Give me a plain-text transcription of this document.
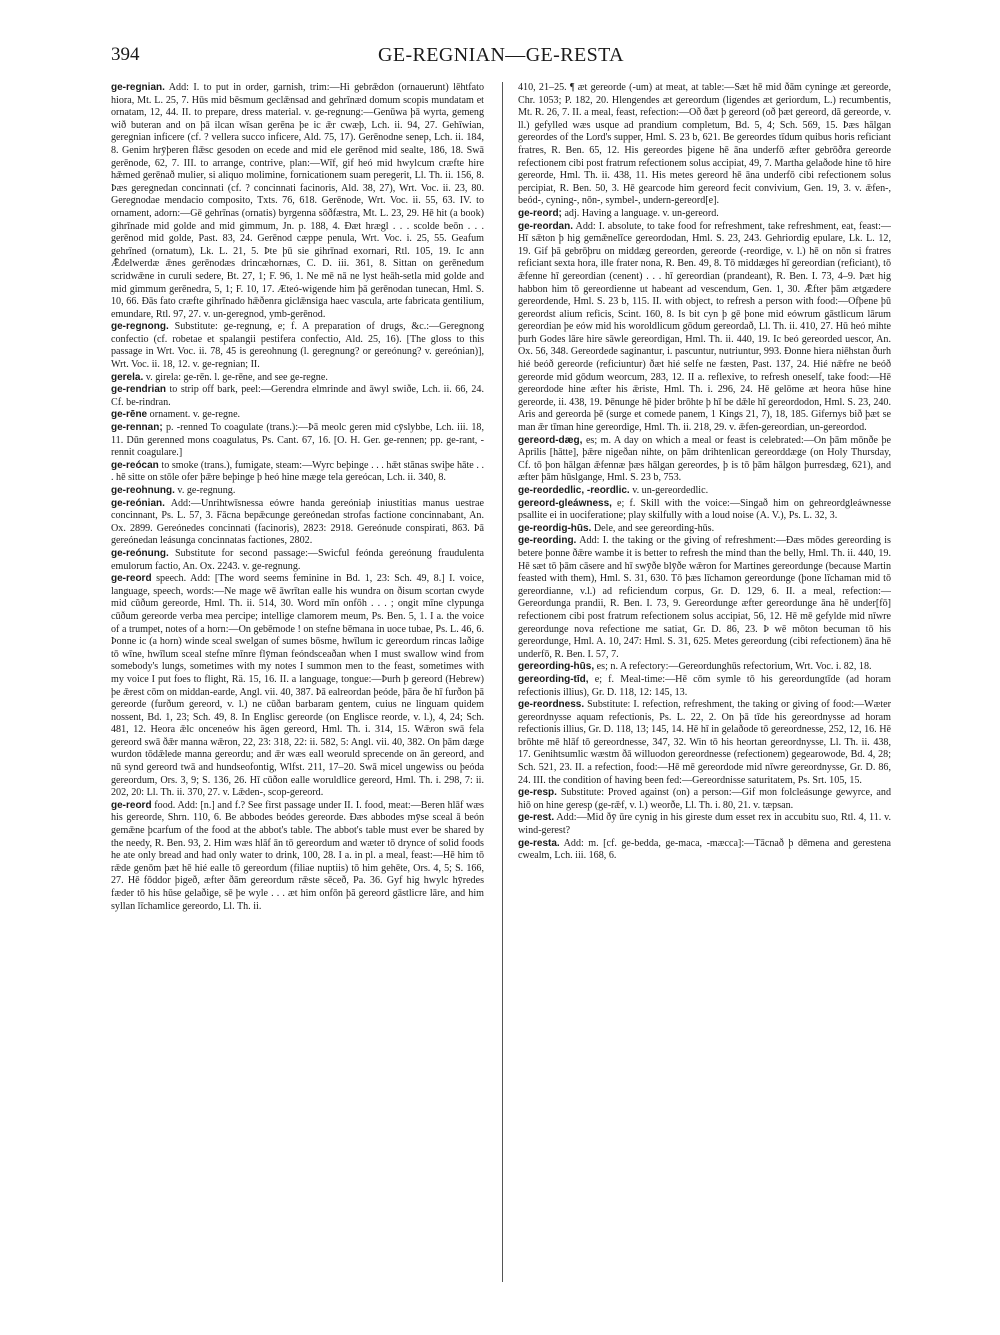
394	GE-REGNIAN—GE-RESTA

ge-regnian. Add: I. to put in order, garnish, trim:—Hi gebrǣdon (ornauerunt) lēhtfato hiora, Mt. L. 25, 7. Hūs mid bēsmum geclǣnsad and gehrīnæd domum scopis mundatam et ornatam, 12, 44. II. to prepare, dress material. v. ge-regnung:—Genūwa þā wyrta, gemeng wið buteran and on þā ilcan wīsan gerēna þe ic ǣr cwæþ, Lch. ii. 94, 27. Gehīwian, geregnian inficere (cf. ? vellera succo inficere, Ald. 75, 17). Gerēnodne senep, Lch. ii. 184, 8. Genim hrȳþeren flǣsc gesoden on ecede and mid ele gerēnod mid sealte, 186, 18. Swā gerēnode, 62, 7. III. to arrange, contrive, plan:—Wīf, gif heó mid hwylcum cræfte hire hǣmed gerēnað mulier, si aliquo molimine, fornicationem suam peregerit, Ll. Th. ii. 156, 8. Þæs geregnedan concinnati (cf. ? concinnati facinoris, Ald. 38, 27), Wrt. Voc. ii. 23, 80. Geregnodae mendacio composito, Txts. 76, 618. Gerēnode, Wrt. Voc. ii. 55, 63. IV. to ornament, adorn:—Gē gehrīnas (ornatis) byrgenna sōðfæstra, Mt. L. 23, 29. Hē hit (a book) gihrīnade mid golde and mid gimmum, Jn. p. 188, 4. Ðæt hrægl . . . scolde beōn . . . gerēnod mid golde, Past. 83, 24. Gerēnod cæppe penula, Wrt. Voc. i. 25, 55. Geafum gehrīned (ornatum), Lk. L. 21, 5. Þte þū sie gihrīnad exornari, Rtl. 105, 19. Ic ann Ǣdelwerdæ ǣnes gerēnodæs drincæhornæs, C. D. iii. 361, 8. Sittan on gerēnedum scridwǣne in curuli sedere, Bt. 27, 1; F. 96, 1. Ne mē nā ne lyst heāh-setla mid golde and mid gimmum gerēnedra, 5, 1; F. 10, 17. Æteó-wigende him þā gerēnodan tunecan, Hml. S. 10, 66. Ðās fato cræfte gihrīnado hǣðenra giclǣnsiga haec vascula, arte fabricata gentilium, emundare, Rtl. 97, 27. v. un-geregnod, ymb-gerēnod.

ge-regnong. Substitute: ge-regnung, e; f. A preparation of drugs, &c.:—Geregnong confectio (cf. robetae et spalangii pestifera confectio, Ald. 25, 16). [The gloss to this passage in Wrt. Voc. ii. 78, 45 is gereohnung (l. geregnung? or gereónung? v. gereónian)], Wrt. Voc. ii. 18, 12. v. ge-regnian; II.

gerela. v. girela: ge-rēn. l. ge-rēne, and see ge-regne.

ge-rendrian to strip off bark, peel:—Gerendra elmrinde and āwyl swiðe, Lch. ii. 66, 24. Cf. be-rindran.

ge-rēne ornament. v. ge-regne.

ge-rennan; p. -renned To coagulate (trans.):—Þā meolc geren mid cȳslybbe, Lch. iii. 18, 11. Dūn gerenned mons coagulatus, Ps. Cant. 67, 16. [O. H. Ger. ge-rennen; pp. ge-rant, -rennit coagulare.]

ge-reócan to smoke (trans.), fumigate, steam:—Wyrc beþinge . . . hǣt stānas swiþe hāte . . . hē sitte on stōle ofer þǣre beþinge þ heó hine mæge tela gereócan, Lch. ii. 340, 8.

ge-reohnung. v. ge-regnung.

ge-reónian. Add:—Unrihtwīsnessa eówre handa gereóniaþ iniustitias manus uestrae concinnant, Ps. L. 57, 3. Fācna bepǣcunge gereónedan strofas factione concinnabant, An. Ox. 2899. Gereónedes concinnati (facinoris), 2823: 2918. Gereónude conspirati, 863. Þā gereónedan leásunga concinnatas factiones, 2802.

ge-reónung. Substitute for second passage:—Swicful feónda gereónung fraudulenta emulorum factio, An. Ox. 2243. v. ge-regnung.

ge-reord speech. Add: [The word seems feminine in Bd. 1, 23: Sch. 49, 8.] I. voice, language, speech, words:—Ne mage wē āwrītan ealle his wundra on ðisum scortan cwyde mid cūðum gereorde, Hml. Th. ii. 514, 30. Word mīn onfōh . . . ; ongit mīne clypunga cūðum gereorde verba mea percipe; intellige clamorem meum, Ps. Ben. 5, 1. I a. the voice of a trumpet, notes of a horn:—On gebēmode ! on stefne bēmana in uoce tubae, Ps. L. 46, 6. Þonne ic (a horn) winde sceal swelgan of sumes bōsme, hwīlum ic gereordum rincas laðige tō wīne, hwīlum sceal stefne mīnre flȳman feóndsceaðan when I must swallow wind from somebody's lungs, sometimes with my notes I summon men to the feast, sometimes with my voice I put foes to flight, Rä. 15, 16. II. a language, tongue:—Þurh þ gereord (Hebrew) þe ǣrest cōm on middan-earde, Angl. vii. 40, 387. Þā ealreordan þeóde, þāra ðe hī furðon þā gereorde (furðum gereord, v. l.) ne cūðan barbaram gentem, cuius ne linguam quidem nossent, Bd. 1, 23; Sch. 49, 8. In Englisc gereorde (on Englisce reorde, v. l.), 4, 24; Sch. 481, 12. Heora ǣlc onceneów his āgen gereord, Hml. Th. i. 314, 15. Wǣron swā fela gereord swā ðǣr manna wǣron, 22, 23: 318, 22: ii. 582, 5: Angl. vii. 40, 382. On þām dæge wurdon tōdǣlede manna gereordu; and ǣr wæs eall weoruld sprecende on ān gereord, and nū synd gereord twā and hundseofontig, Wlfst. 211, 17–20. Swā micel ungewiss ou þeóda gereordum, Ors. 3, 9; S. 136, 26. Hī cūðon ealle woruldlice gereord, Hml. Th. i. 298, 7: ii. 202, 20: Ll. Th. ii. 370, 27. v. Lǣden-, scop-gereord.

ge-reord food. Add: [n.] and f.? See first passage under II. I. food, meat:—Beren hlāf wæs his gereorde, Shrn. 110, 6. Be abbodes beódes gereorde. Ðæs abbodes mȳse sceal ā beón gemǣne þcarfum of the food at the abbot's table. The abbot's table must ever be shared by the needy, R. Ben. 93, 2. Him wæs hlāf ān tō gereordum and wæter tō drynce of solid foods he ate only bread and had only water to drink, 100, 28. I a. in pl. a meal, feast:—Hē him tō rǣde genōm þæt hē hié ealle tō gereordum (filiae nuptiis) tō him gehēte, Ors. 4, 5; S. 166, 27. Hē fōddor þigeð, æfter ðām gereordum rǣste sēceð, Pa. 36. Gyf hig hwylc hȳredes fæder tō his hūse gelaðige, sē þe wyle . . . æt him onfōn þā gereord gāstlicre lāre, and him syllan līchamlice gereordo, Ll. Th. ii.

410, 21–25. ¶ æt gereorde (-um) at meat, at table:—Sæt hē mid ðām cyninge æt gereorde, Chr. 1053; P. 182, 20. Hlengendes æt gereordum (ligendes æt geriordum, L.) recumbentis, Mt. R. 26, 7. II. a meal, feast, refection:—Oð ðæt þ gereord (oð þæt gereord, dā gereorde, v. ll.) gefylled wæs usque ad prandium completum, Bd. 5, 4; Sch. 569, 15. Þæs hālgan gereordes of the Lord's supper, Hml. S. 23 b, 621. Be gereordes tīdum quibus horis reficiant fratres, R. Ben. 65, 12. His gereordes þigene hē āna underfō æfter gebrōðra gereorde refectionem cibi post fratrum refectionem solus accipiat, 49, 7. Martha gelaðode hine tō hire gereorde, Hml. Th. ii. 438, 11. His metes gereord hē āna underfō cibi refectionem solus percipiat, R. Ben. 50, 3. Hē gearcode him gereord fecit convivium, Gen. 19, 3. v. ǣfen-, beód-, cyning-, nōn-, symbel-, undern-gereord[e].

ge-reord; adj. Having a language. v. un-gereord.

ge-reordan. Add: I. absolute, to take food for refreshment, take refreshment, eat, feast:—Hī sǣton þ hig gemǣnelīce gereordodan, Hml. S. 23, 243. Gehriordig epulare, Lk. L. 12, 19. Gif þā gebrōþru on middæg gereorden, gereorde (-reordige, v. l.) hē on nōn si fratres reficiant sexta hora, ille frater nona, R. Ben. 49, 8. Tō middæges hī gereordian (reficiant), tō ǣfenne hī gereordian (cenent) . . . hī gereordian (prandeant), R. Ben. I. 73, 4–9. Þæt hig habbon him tō gereordienne ut habeant ad vescendum, Gen. 1, 30. Ǣfter þām ætgædere gereordende, Hml. S. 23 b, 115. II. with object, to refresh a person with food:—Ofþene þū gereordst alium reficis, Scint. 160, 8. Is bit cyn þ gē þone mid eówrum gāstlicum lārum gereordian þe eów mid his woroldlicum gōdum gereordað, Ll. Th. ii. 410, 27. Hū heó mihte þurh Godes lāre hire sāwle gereordigan, Hml. Th. ii. 440, 19. Ic beó gereorded uescor, An. Ox. 56, 348. Gereordede saginantur, i. pascuntur, nutriuntur, 993. Ðonne hiera niēhstan ðurh hié beóð gereorde (reficiuntur) ðæt hié selfe ne fæsten, Past. 137, 24. Hié nǣfre ne beóð gereorde mid gōdum weorcum, 283, 12. II a. reflexive, to refresh oneself, take food:—Hē gereordode hine æfter his ǣriste, Hml. Th. i. 296, 24. Hē gelōme æt heora hūse hine gereorde, ii. 438, 19. Þēnunge hē þider brōhte þ hī be dǣle hī gereordodon, Hml. S. 23, 240. Aris and gereorda þē (surge et comede panem, 1 Kings 21, 7), 18, 185. Gifernys bið þæt se man ǣr tīman hine gereordige, Hml. Th. ii. 218, 29. v. ǣfen-gereordian, un-gereordod.

gereord-dæg, es; m. A day on which a meal or feast is celebrated:—On þām mōnðe þe Aprilis [hātte], þǣre nigeðan nihte, on þām drihtenlican gereorddæge (on Holy Thursday, Cf. tō þon hālgan ǣfennæ þæs hālgan gereordes, þ is tō þām hālgon þurresdæg, 621), and æfter þām hūslgange, Hml. S. 23 b, 753.

ge-reordedlic, -reordlic. v. un-gereordedlic.

gereord-gleáwness, e; f. Skill with the voice:—Singað him on gehreordgleáwnesse psallite ei in uociferatione; play skilfully with a loud noise (A. V.), Ps. L. 32, 3.

ge-reordig-hūs. Dele, and see gereording-hūs.

ge-reording. Add: I. the taking or the giving of refreshment:—Ðæs mōdes gereording is betere þonne ðǣre wambe it is better to refresh the mind than the belly, Hml. Th. ii. 440, 19. Hē sæt tō þām cāsere and hī swȳðe blȳðe wǣron for Martines gereordunge (because Martin feasted with them), Hml. S. 31, 630. Tō þæs līchamon gereordunge (þone līchaman mid tō gereordianne, v.l.) ad reficiendum corpus, Gr. D. 129, 6. II. a meal, refection:—Gereordunga prandii, R. Ben. I. 73, 9. Gereordunge æfter gereordunge āna hē under[fō] refectionem cibi post fratrum refectionem solus accipiat, 56, 12. Hē mē gefylde mid nīwre gereordunge nova refectione me satiat, Gr. D. 86, 23. Þ wē mōton becuman tō his gereordunge, Hml. A. 10, 247: Hml. S. 31, 625. Metes gereordung (cibi refectionem) āna hē underfō, R. Ben. I. 57, 7.

gereording-hūs, es; n. A refectory:—Gereordunghūs refectorium, Wrt. Voc. i. 82, 18.

gereording-tīd, e; f. Meal-time:—Hē cōm symle tō his gereordungtīde (ad horam refectionis illius), Gr. D. 118, 12: 145, 13.

ge-reordness. Substitute: I. refection, refreshment, the taking or giving of food:—Wæter gereordnysse aquam refectionis, Ps. L. 22, 2. On þā tīde his gereordnysse ad horam refectionis illius, Gr. D. 118, 13; 145, 14. Hē hī in gelaðode tō gereordnesse, 252, 12, 16. Hē brōhte mē hlāf tō gereordnesse, 347, 32. Win tō his heortan gereordnysse, Ll. Th. ii. 438, 17. Genihtsumlic wæstm ðā willuodon gereordnesse (refectionem) gegearowode, Bd. 4, 28; Sch. 521, 23. II. a refection, food:—Hē mē gereordode mid nīwre gereordnysse, Gr. D. 86, 24. III. the condition of having been fed:—Gereordnisse saturitatem, Ps. Srt. 105, 15.

ge-resp. Substitute: Proved against (on) a person:—Gif mon folcleásunge gewyrce, and hiō on hine geresp (ge-rǣf, v. l.) weorðe, Ll. Th. i. 80, 21. v. tæpsan.

ge-rest. Add:—Mid ðȳ ūre cynig in his gireste dum esset rex in accubitu suo, Rtl. 4, 11. v. wind-gerest?

ge-resta. Add: m. [cf. ge-bedda, ge-maca, -mæcca]:—Tācnað þ dēmena and gerestena cwealm, Lch. iii. 168, 6.
